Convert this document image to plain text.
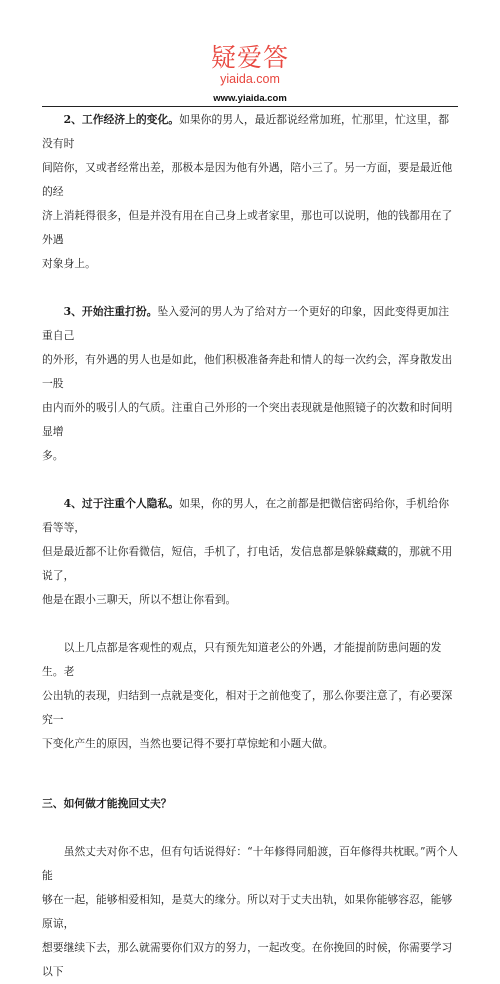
疑爱答
yiaida.com
www.yiaida.com

2、工作经济上的变化。如果你的男人，最近都说经常加班，忙那里，忙这里，都没有时
间陪你，又或者经常出差，那极本是因为他有外遇，陪小三了。另一方面，要是最近他的经
济上消耗得很多，但是并没有用在自己身上或者家里，那也可以说明，他的钱都用在了外遇
对象身上。

3、开始注重打扮。坠入爱河的男人为了给对方一个更好的印象，因此变得更加注重自己
的外形，有外遇的男人也是如此，他们积极准备奔赴和情人的每一次约会，浑身散发出一股
由内而外的吸引人的气质。注重自己外形的一个突出表现就是他照镜子的次数和时间明显增
多。

4、过于注重个人隐私。如果，你的男人，在之前都是把微信密码给你，手机给你看等等，
但是最近都不让你看微信，短信，手机了，打电话，发信息都是躲躲藏藏的，那就不用说了，
他是在跟小三聊天，所以不想让你看到。

以上几点都是客观性的观点，只有预先知道老公的外遇，才能提前防患问题的发生。老
公出轨的表现，归结到一点就是变化，相对于之前他变了，那么你要注意了，有必要深究一
下变化产生的原因，当然也要记得不要打草惊蛇和小题大做。

三、如何做才能挽回丈夫？

虽然丈夫对你不忠，但有句话说得好：“十年修得同船渡，百年修得共枕眠。”两个人能
够在一起，能够相爱相知，是莫大的缘分。所以对于丈夫出轨，如果你能够容忍，能够原谅，
想要继续下去，那么就需要你们双方的努力，一起改变。在你挽回的时候，你需要学习以下
